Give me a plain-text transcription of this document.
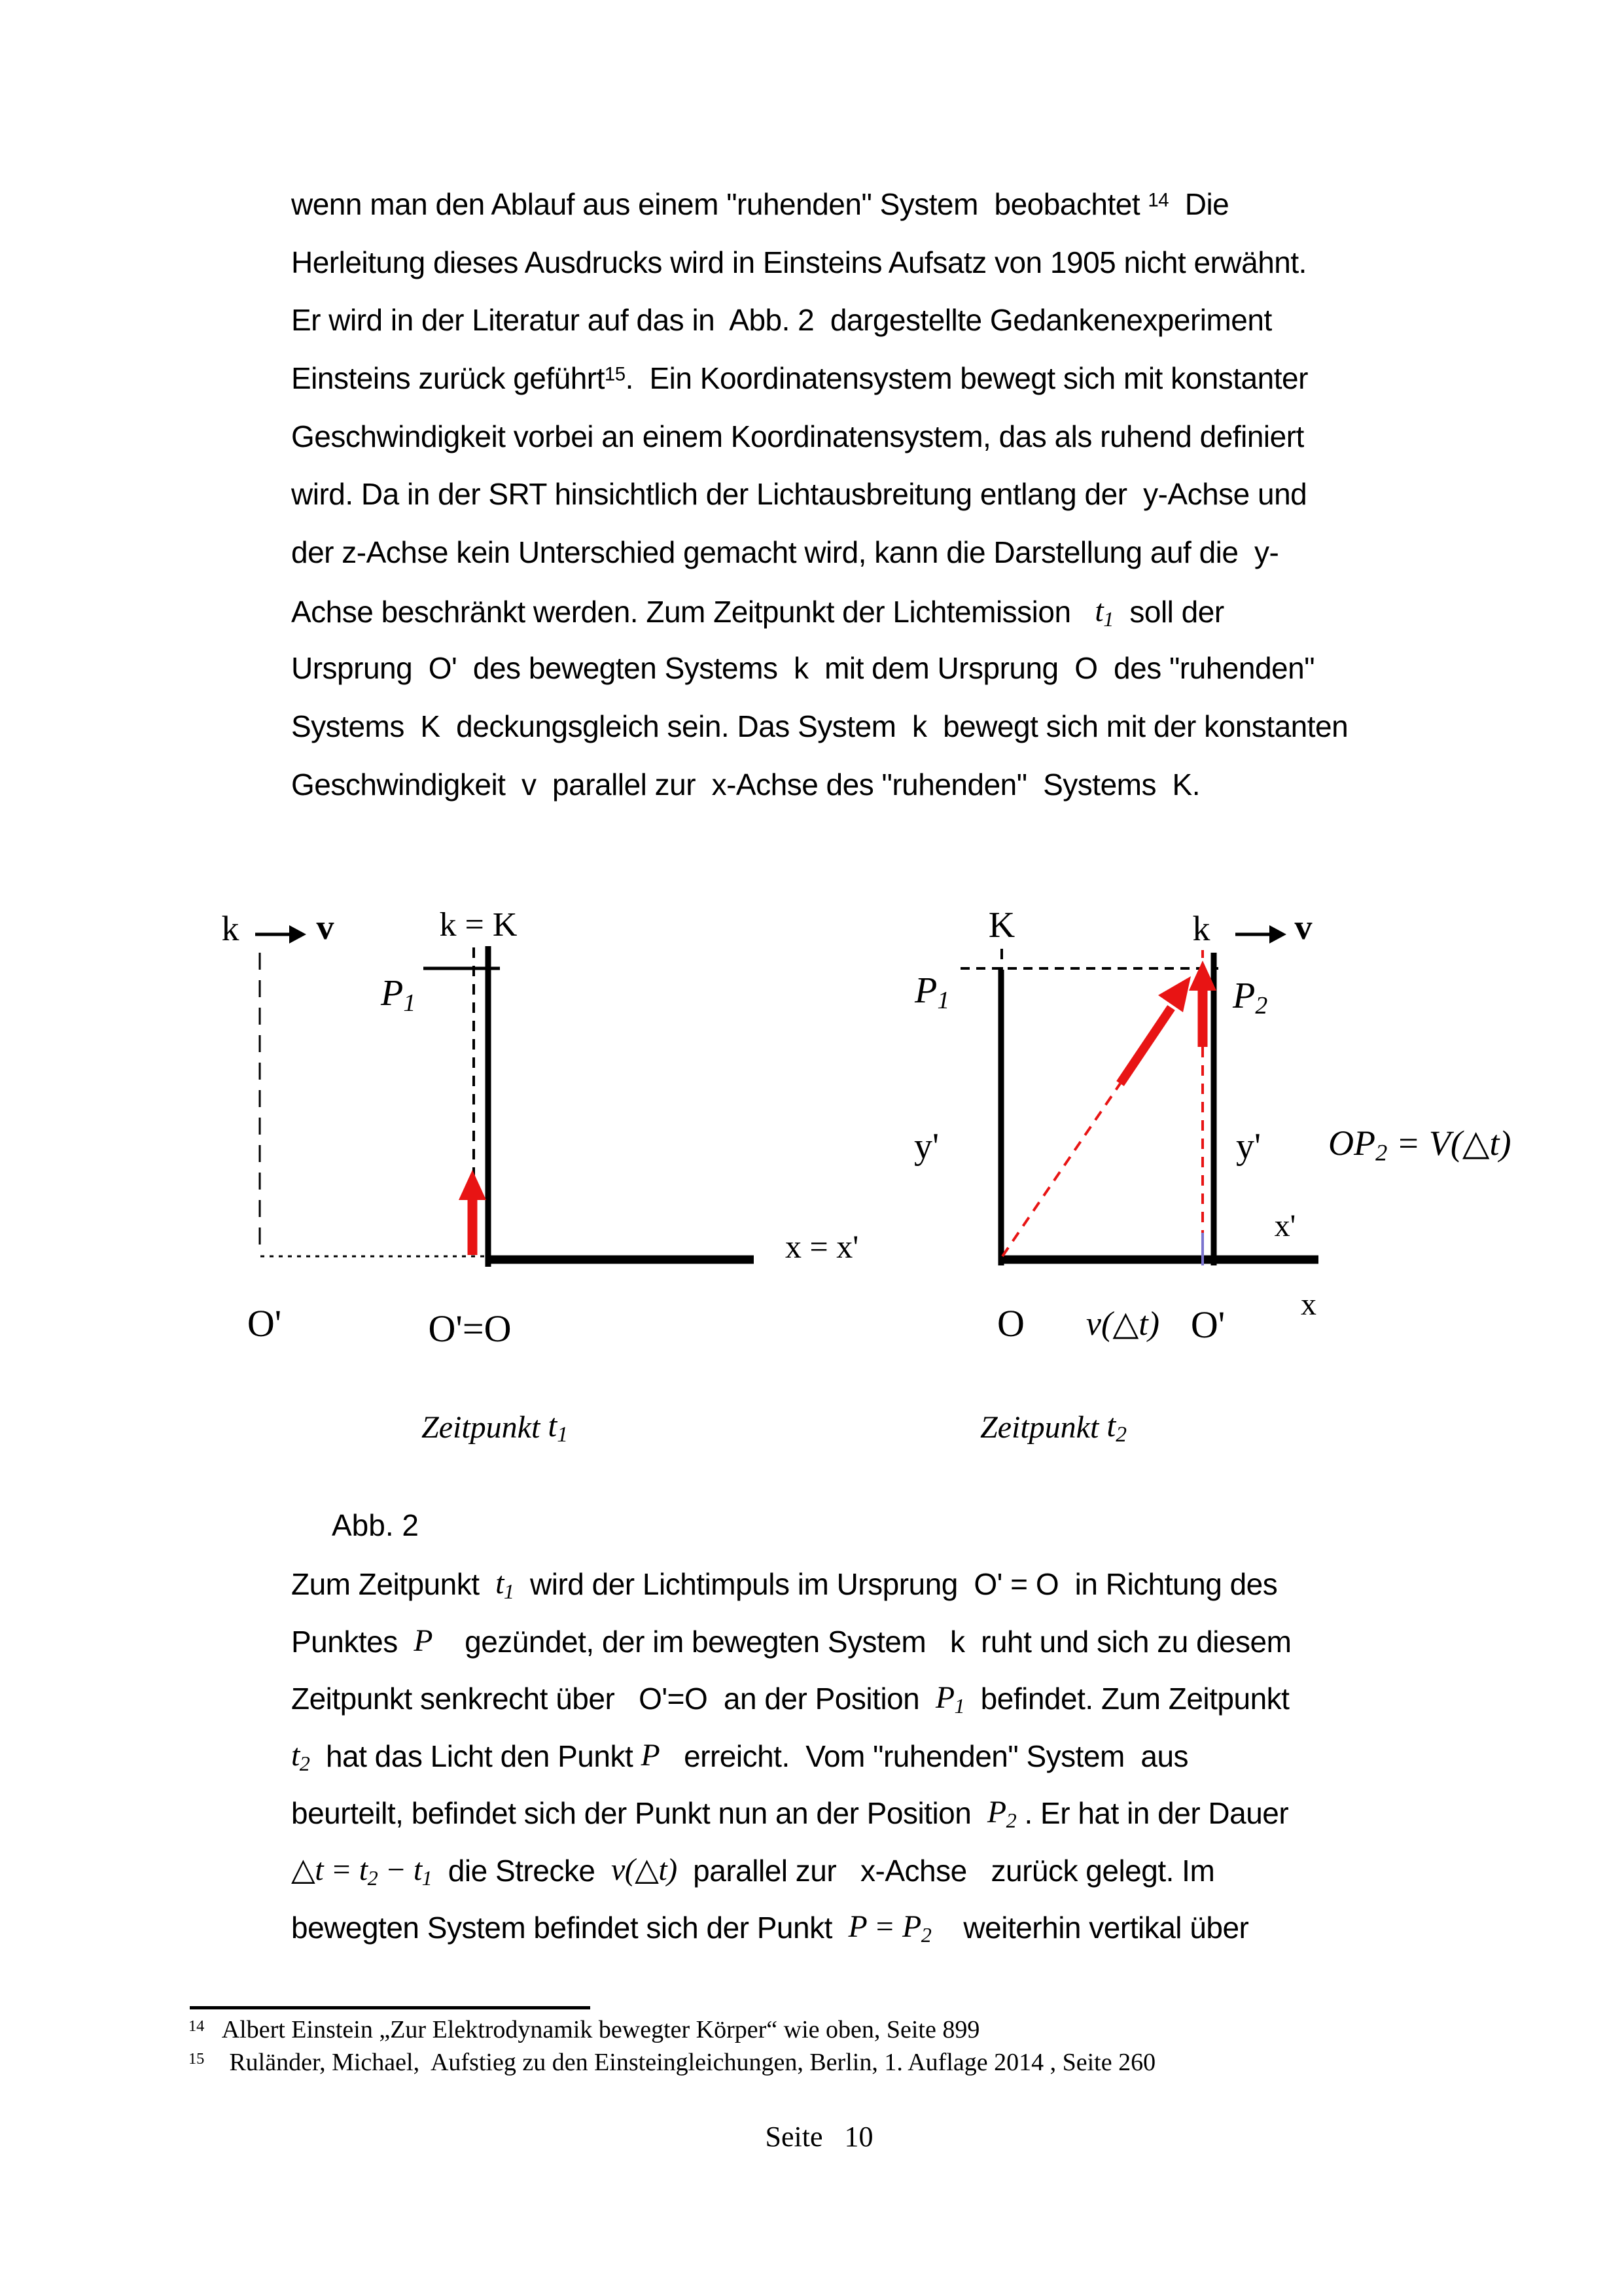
wenn man den Ablauf aus einem "ruhenden" System  beobachtet $^{14}$  Die
Herleitung dieses Ausdrucks wird in Einsteins Aufsatz von 1905 nicht erwähnt.
Er wird in der Literatur auf das in  Abb. 2  dargestellte Gedankenexperiment
Einsteins zurück geführt$^{15}$.  Ein Koordinatensystem bewegt sich mit konstanter
Geschwindigkeit vorbei an einem Koordinatensystem, das als ruhend definiert
wird. Da in der SRT hinsichtlich der Lichtausbreitung entlang der  y-Achse und
der z-Achse kein Unterschied gemacht wird, kann die Darstellung auf die  y-
Achse beschränkt werden. Zum Zeitpunkt der Lichtemission   t1  soll der
Ursprung  O'  des bewegten Systems  k  mit dem Ursprung  O  des "ruhenden"
Systems  K  deckungsgleich sein. Das System  k  bewegt sich mit der konstanten
Geschwindigkeit  v  parallel zur  x-Achse des "ruhenden"  Systems  K.
k v	k = K
P1
x = x'
O'	O'=O
K	k v
P1	P2
y'	y' OP2 = V(△t)
x'
x
O v(△t) O'
Zeitpunkt t1	Zeitpunkt t2
Abb. 2
Zum Zeitpunkt  t1  wird der Lichtimpuls im Ursprung  O' = O  in Richtung des
Punktes  P    gezündet, der im bewegten System   k  ruht und sich zu diesem
Zeitpunkt senkrecht über   O'=O  an der Position  P1  befindet. Zum Zeitpunkt
t2  hat das Licht den Punkt P   erreicht.  Vom "ruhenden" System  aus
beurteilt, befindet sich der Punkt nun an der Position  P2 . Er hat in der Dauer
△t = t2 − t1  die Strecke  v(△t)  parallel zur   x-Achse   zurück gelegt. Im
bewegten System befindet sich der Punkt  P = P2    weiterhin vertikal über
$^{14}$   Albert Einstein „Zur Elektrodynamik bewegter Körper“ wie oben, Seite 899
$^{15}$    Ruländer, Michael,  Aufstieg zu den Einsteingleichungen, Berlin, 1. Auflage 2014 , Seite 260
Seite   10
